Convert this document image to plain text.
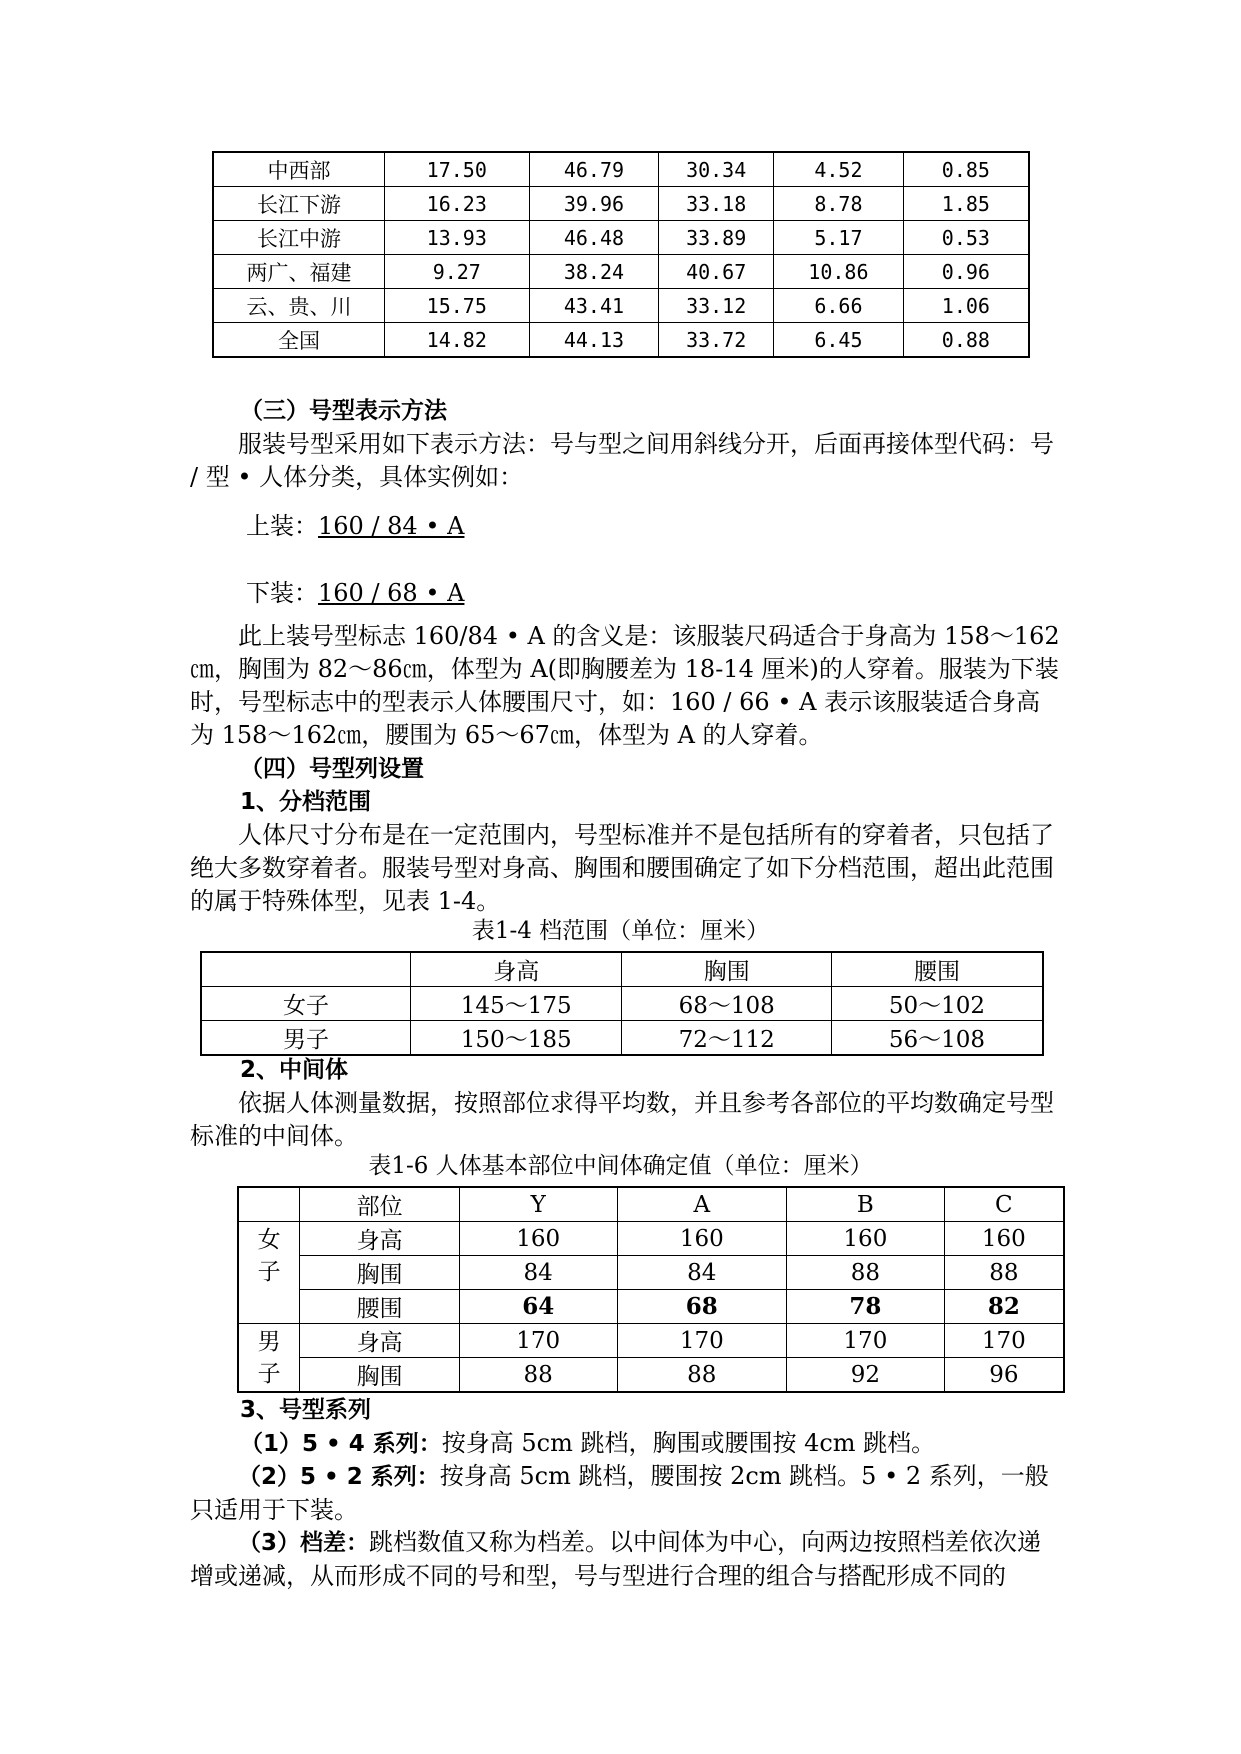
中西部	17.50	46.79	30.34	4.52	0.85
长江下游	16.23	39.96	33.18	8.78	1.85
长江中游	13.93	46.48	33.89	5.17	0.53
两广、福建	9.27	38.24	40.67	10.86	0.96
云、贵、川	15.75	43.41	33.12	6.66	1.06
全国	14.82	44.13	33.72	6.45	0.88

（三）号型表示方法

服装号型采用如下表示方法：号与型之间用斜线分开，后面再接体型代码：号 / 型 • 人体分类，具体实例如：

上装：160 / 84 • A

下装：160 / 68 • A

此上装号型标志 160/84 • A 的含义是：该服装尺码适合于身高为 158～162 ㎝，胸围为 82～86㎝，体型为 A(即胸腰差为 18-14 厘米)的人穿着。服装为下装时，号型标志中的型表示人体腰围尺寸，如：160 / 66 • A 表示该服装适合身高为 158～162㎝，腰围为 65～67㎝，体型为 A 的人穿着。

（四）号型列设置

1、分档范围

人体尺寸分布是在一定范围内，号型标准并不是包括所有的穿着者，只包括了绝大多数穿着者。服装号型对身高、胸围和腰围确定了如下分档范围，超出此范围的属于特殊体型，见表 1-4。

表1-4 档范围（单位：厘米）
	身高	胸围	腰围
女子	145～175	68～108	50～102
男子	150～185	72～112	56～108

2、中间体

依据人体测量数据，按照部位求得平均数，并且参考各部位的平均数确定号型标准的中间体。

表1-6 人体基本部位中间体确定值（单位：厘米）
	部位	Y	A	B	C

女
子	身高	160	160	160	160
	胸围	84	84	88	88
	腰围	64	68	78	82

男
子	身高	170	170	170	170
	胸围	88	88	92	96

3、号型系列

（1）5 • 4 系列：按身高 5cm 跳档，胸围或腰围按 4cm 跳档。

（2）5 • 2 系列：按身高 5cm 跳档，腰围按 2cm 跳档。5 • 2 系列，一般只适用于下装。

（3）档差：跳档数值又称为档差。以中间体为中心，向两边按照档差依次递增或递减，从而形成不同的号和型，号与型进行合理的组合与搭配形成不同的
